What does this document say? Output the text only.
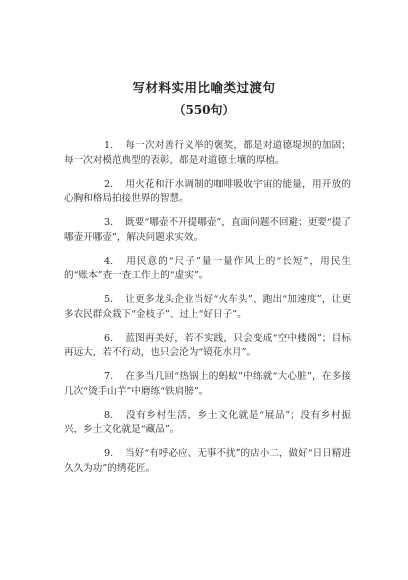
写材料实用比喻类过渡句
（550句）

1. 每一次对善行义举的褒奖，都是对道德堤坝的加固；每一次对模范典型的表彰，都是对道德土壤的厚植。

2. 用火花和汗水调制的咖啡吸收宇宙的能量，用开放的心胸和格局拍接世界的智慧。

3. 既要“哪壶不开提哪壶”，直面问题不回避；更要“提了哪壶开哪壶”，解决问题求实效。

4. 用民意的“尺子”量一量作风上的“长短”，用民生的“账本”查一查工作上的“虚实”。

5. 让更多龙头企业当好“火车头”、跑出“加速度”，让更多农民群众栽下“金枝子”、过上“好日子”。

6. 蓝图再美好，若不实践，只会变成“空中楼阁”；目标再远大，若不行动，也只会沦为“镜花水月”。

7. 在多当几回“热锅上的蚂蚁”中练就“大心脏”，在多接几次“烫手山芋”中磨练“铁肩膀”。

8. 没有乡村生活，乡土文化就是“展品”；没有乡村振兴，乡土文化就是“藏品”。

9. 当好“有呼必应、无事不扰”的店小二，做好“日日精进久久为功”的绣花匠。
